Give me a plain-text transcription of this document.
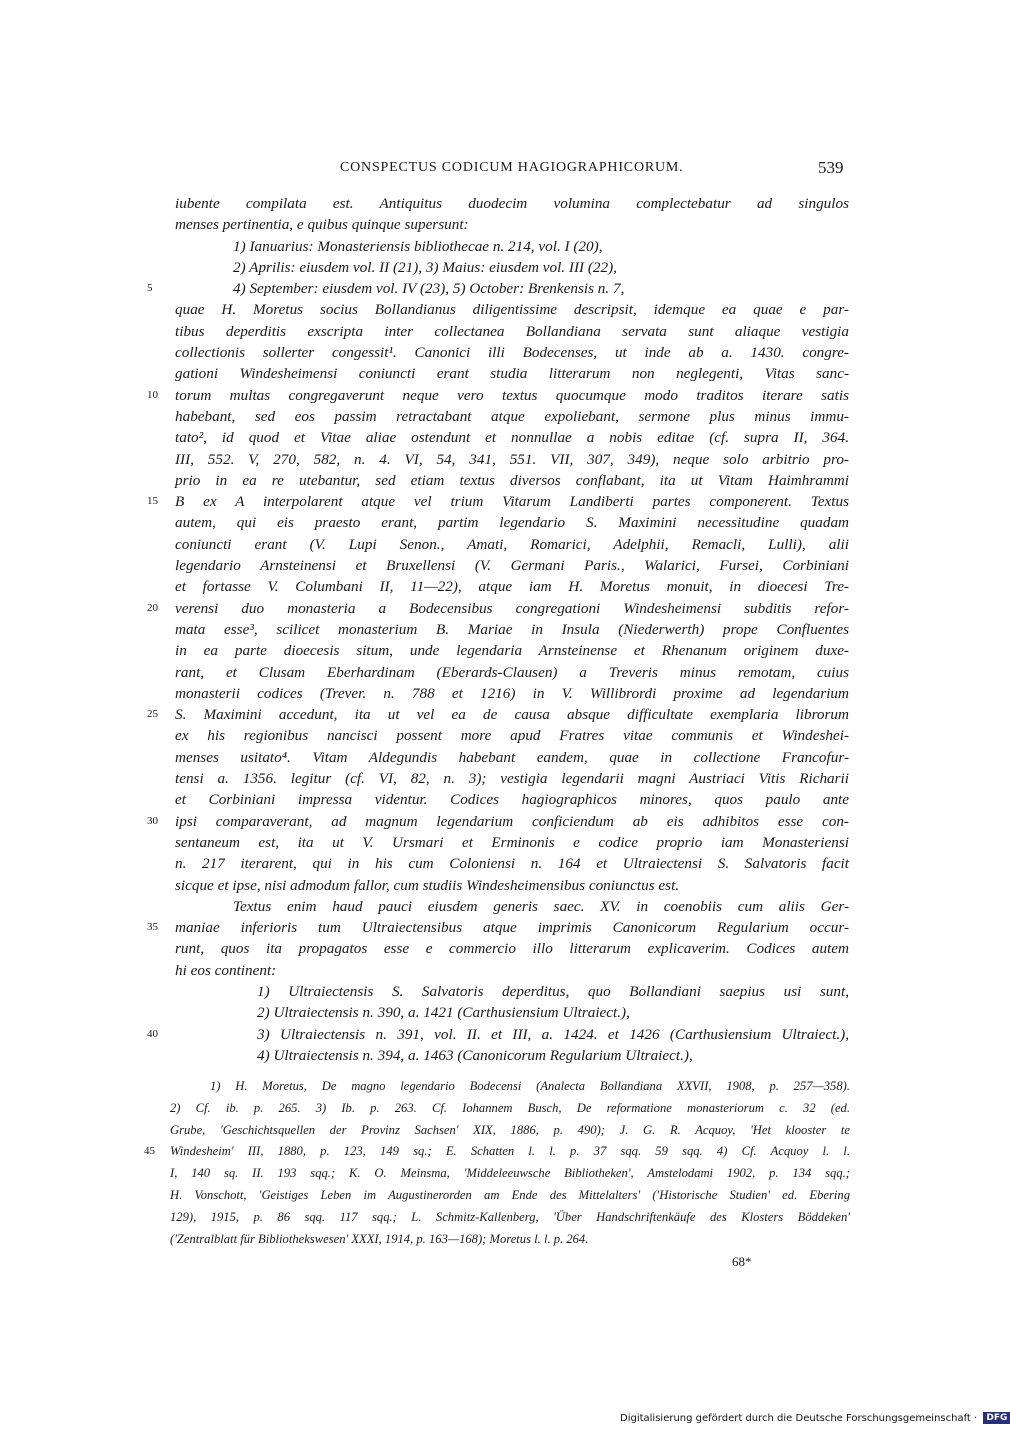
CONSPECTUS CODICUM HAGIOGRAPHICORUM.	539
iubente compilata est. Antiquitus duodecim volumina complectebatur ad singulos
menses pertinentia, e quibus quinque supersunt:
1) Ianuarius: Monasteriensis bibliothecae n. 214, vol. I (20),
2) Aprilis: eiusdem vol. II (21), 3) Maius: eiusdem vol. III (22),
4) September: eiusdem vol. IV (23), 5) October: Brenkensis n. 7,
5
quae H. Moretus socius Bollandianus diligentissime descripsit, idemque ea quae e par-
tibus deperditis exscripta inter collectanea Bollandiana servata sunt aliaque vestigia
collectionis sollerter congessit¹. Canonici illi Bodecenses, ut inde ab a. 1430. congre-
gationi Windesheimensi coniuncti erant studia litterarum non neglegenti, Vitas sanc-
torum multas congregaverunt neque vero textus quocumque modo traditos iterare satis
10
habebant, sed eos passim retractabant atque expoliebant, sermone plus minus immu-
tato², id quod et Vitae aliae ostendunt et nonnullae a nobis editae (cf. supra II, 364.
III, 552. V, 270, 582, n. 4. VI, 54, 341, 551. VII, 307, 349), neque solo arbitrio pro-
prio in ea re utebantur, sed etiam textus diversos conflabant, ita ut Vitam Haimhrammi
B ex A interpolarent atque vel trium Vitarum Landiberti partes componerent. Textus
15
autem, qui eis praesto erant, partim legendario S. Maximini necessitudine quadam
coniuncti erant (V. Lupi Senon., Amati, Romarici, Adelphii, Remacli, Lulli), alii
legendario Arnsteinensi et Bruxellensi (V. Germani Paris., Walarici, Fursei, Corbiniani
et fortasse V. Columbani II, 11—22), atque iam H. Moretus monuit, in dioecesi Tre-
verensi duo monasteria a Bodecensibus congregationi Windesheimensi subditis refor-
20
mata esse³, scilicet monasterium B. Mariae in Insula (Niederwerth) prope Confluentes
in ea parte dioecesis situm, unde legendaria Arnsteinense et Rhenanum originem duxe-
rant, et Clusam Eberhardinam (Eberards-Clausen) a Treveris minus remotam, cuius
monasterii codices (Trever. n. 788 et 1216) in V. Willibrordi proxime ad legendarium
S. Maximini accedunt, ita ut vel ea de causa absque difficultate exemplaria librorum
25
ex his regionibus nancisci possent more apud Fratres vitae communis et Windeshei-
menses usitato⁴. Vitam Aldegundis habebant eandem, quae in collectione Francofur-
tensi a. 1356. legitur (cf. VI, 82, n. 3); vestigia legendarii magni Austriaci Vitis Richarii
et Corbiniani impressa videntur. Codices hagiographicos minores, quos paulo ante
ipsi comparaverant, ad magnum legendarium conficiendum ab eis adhibitos esse con-
30
sentaneum est, ita ut V. Ursmari et Erminonis e codice proprio iam Monasteriensi
n. 217 iterarent, qui in his cum Coloniensi n. 164 et Ultraiectensi S. Salvatoris facit
sicque et ipse, nisi admodum fallor, cum studiis Windesheimensibus coniunctus est.
Textus enim haud pauci eiusdem generis saec. XV. in coenobiis cum aliis Ger-
maniae inferioris tum Ultraiectensibus atque imprimis Canonicorum Regularium occur-
35
runt, quos ita propagatos esse e commercio illo litterarum explicaverim. Codices autem
hi eos continent:
1) Ultraiectensis S. Salvatoris deperditus, quo Bollandiani saepius usi sunt,
2) Ultraiectensis n. 390, a. 1421 (Carthusiensium Ultraiect.),
3) Ultraiectensis n. 391, vol. II. et III, a. 1424. et 1426 (Carthusiensium Ultraiect.),
40
4) Ultraiectensis n. 394, a. 1463 (Canonicorum Regularium Ultraiect.),
1) H. Moretus, De magno legendario Bodecensi (Analecta Bollandiana XXVII, 1908, p. 257—358).
2) Cf. ib. p. 265. 3) Ib. p. 263. Cf. Iohannem Busch, De reformatione monasteriorum c. 32 (ed.
Grube, 'Geschichtsquellen der Provinz Sachsen' XIX, 1886, p. 490); J. G. R. Acquoy, 'Het klooster te
Windesheim' III, 1880, p. 123, 149 sq.; E. Schatten l. l. p. 37 sqq. 59 sqq. 4) Cf. Acquoy l. l.
45
I, 140 sq. II. 193 sqq.; K. O. Meinsma, 'Middeleeuwsche Bibliotheken', Amstelodami 1902, p. 134 sqq.;
H. Vonschott, 'Geistiges Leben im Augustinerorden am Ende des Mittelalters' ('Historische Studien' ed. Ebering
129), 1915, p. 86 sqq. 117 sqq.; L. Schmitz-Kallenberg, 'Über Handschriftenkäufe des Klosters Böddeken'
('Zentralblatt für Bibliothekswesen' XXXI, 1914, p. 163—168); Moretus l. l. p. 264.
68*
Digitalisierung gefördert durch die Deutsche Forschungsgemeinschaft · DFG
